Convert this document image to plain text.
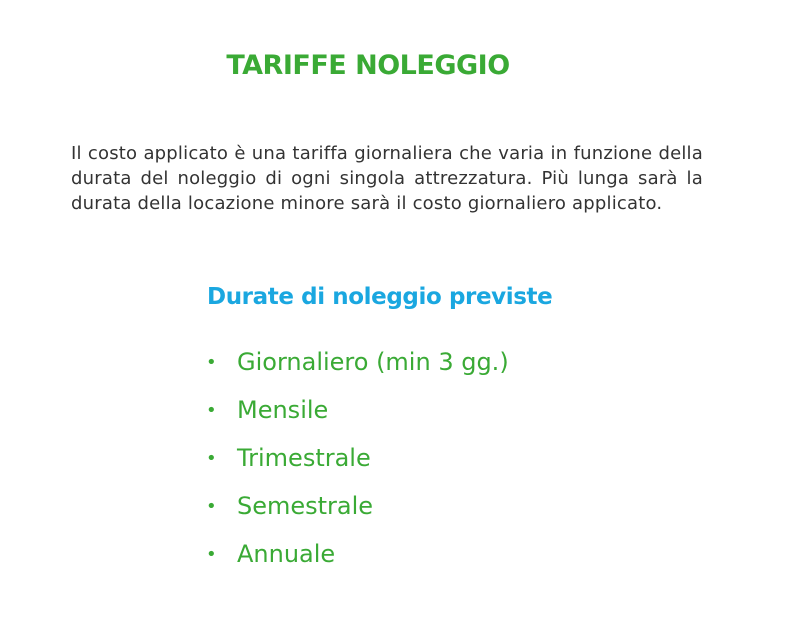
TARIFFE NOLEGGIO

Il costo applicato è una tariffa giornaliera che varia in funzione della durata del noleggio di ogni singola attrezzatura. Più lunga sarà la durata della locazione minore sarà il costo giornaliero applicato.

Durate di noleggio previste
• Giornaliero (min 3 gg.)
• Mensile
• Trimestrale
• Semestrale
• Annuale
